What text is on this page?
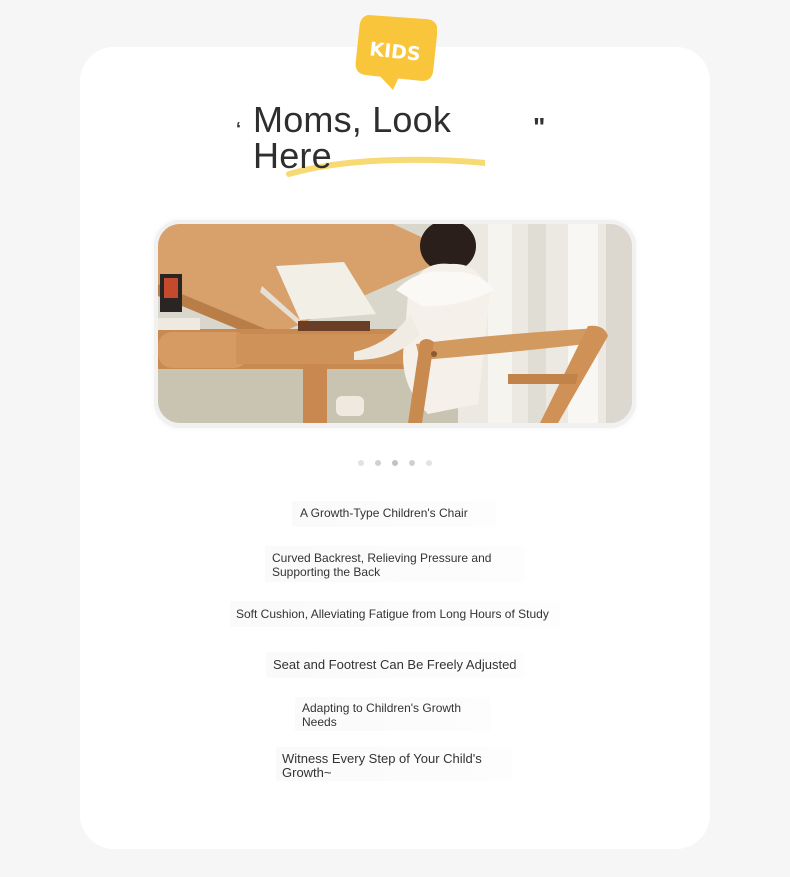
KIDS
‘ Moms, Look
Here
"
A Growth-Type Children's Chair
Curved Backrest, Relieving Pressure and Supporting the Back
Soft Cushion, Alleviating Fatigue from Long Hours of Study
Seat and Footrest Can Be Freely Adjusted
Adapting to Children's Growth Needs
Witness Every Step of Your Child's Growth~
